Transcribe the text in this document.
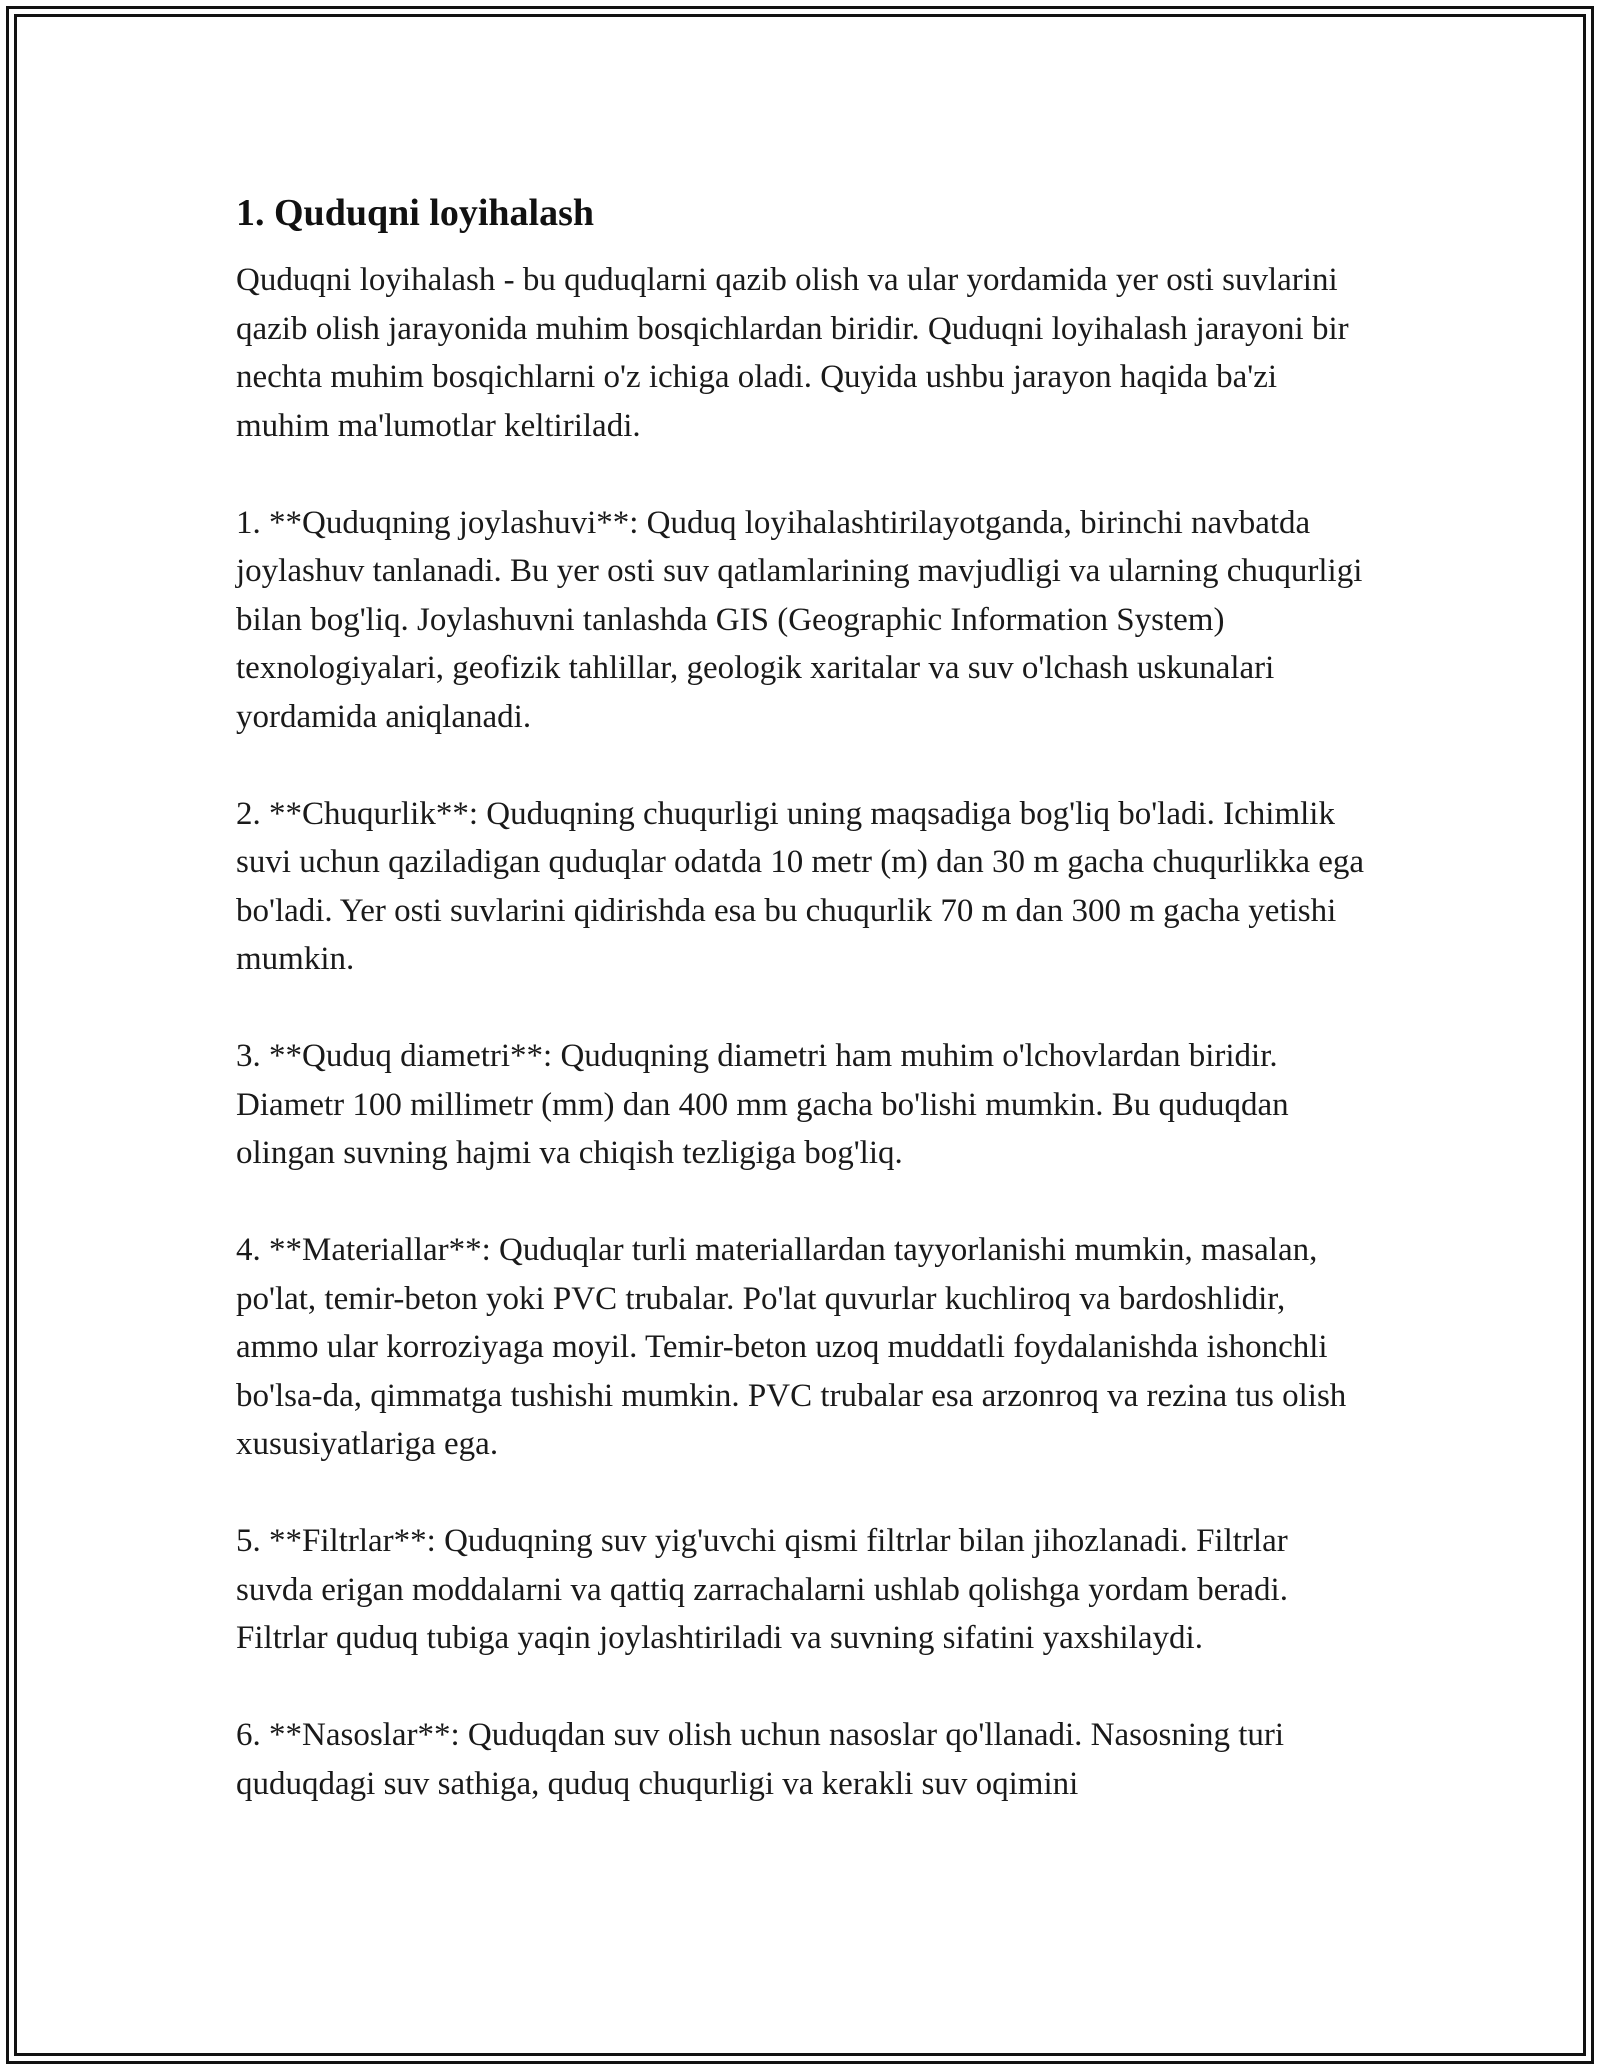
1. Quduqni loyihalash

Quduqni loyihalash - bu quduqlarni qazib olish va ular yordamida yer osti suvlarini qazib olish jarayonida muhim bosqichlardan biridir. Quduqni loyihalash jarayoni bir nechta muhim bosqichlarni o'z ichiga oladi. Quyida ushbu jarayon haqida ba'zi muhim ma'lumotlar keltiriladi.

1. **Quduqning joylashuvi**: Quduq loyihalashtirilayotganda, birinchi navbatda joylashuv tanlanadi. Bu yer osti suv qatlamlarining mavjudligi va ularning chuqurligi bilan bog'liq. Joylashuvni tanlashda GIS (Geographic Information System) texnologiyalari, geofizik tahlillar, geologik xaritalar va suv o'lchash uskunalari yordamida aniqlanadi.

2. **Chuqurlik**: Quduqning chuqurligi uning maqsadiga bog'liq bo'ladi. Ichimlik suvi uchun qaziladigan quduqlar odatda 10 metr (m) dan 30 m gacha chuqurlikka ega bo'ladi. Yer osti suvlarini qidirishda esa bu chuqurlik 70 m dan 300 m gacha yetishi mumkin.

3. **Quduq diametri**: Quduqning diametri ham muhim o'lchovlardan biridir. Diametr 100 millimetr (mm) dan 400 mm gacha bo'lishi mumkin. Bu quduqdan olingan suvning hajmi va chiqish tezligiga bog'liq.

4. **Materiallar**: Quduqlar turli materiallardan tayyorlanishi mumkin, masalan, po'lat, temir-beton yoki PVC trubalar. Po'lat quvurlar kuchliroq va bardoshlidir, ammo ular korroziyaga moyil. Temir-beton uzoq muddatli foydalanishda ishonchli bo'lsa-da, qimmatga tushishi mumkin. PVC trubalar esa arzonroq va rezina tus olish xususiyatlariga ega.

5. **Filtrlar**: Quduqning suv yig'uvchi qismi filtrlar bilan jihozlanadi. Filtrlar suvda erigan moddalarni va qattiq zarrachalarni ushlab qolishga yordam beradi. Filtrlar quduq tubiga yaqin joylashtiriladi va suvning sifatini yaxshilaydi.

6. **Nasoslar**: Quduqdan suv olish uchun nasoslar qo'llanadi. Nasosning turi quduqdagi suv sathiga, quduq chuqurligi va kerakli suv oqimini
